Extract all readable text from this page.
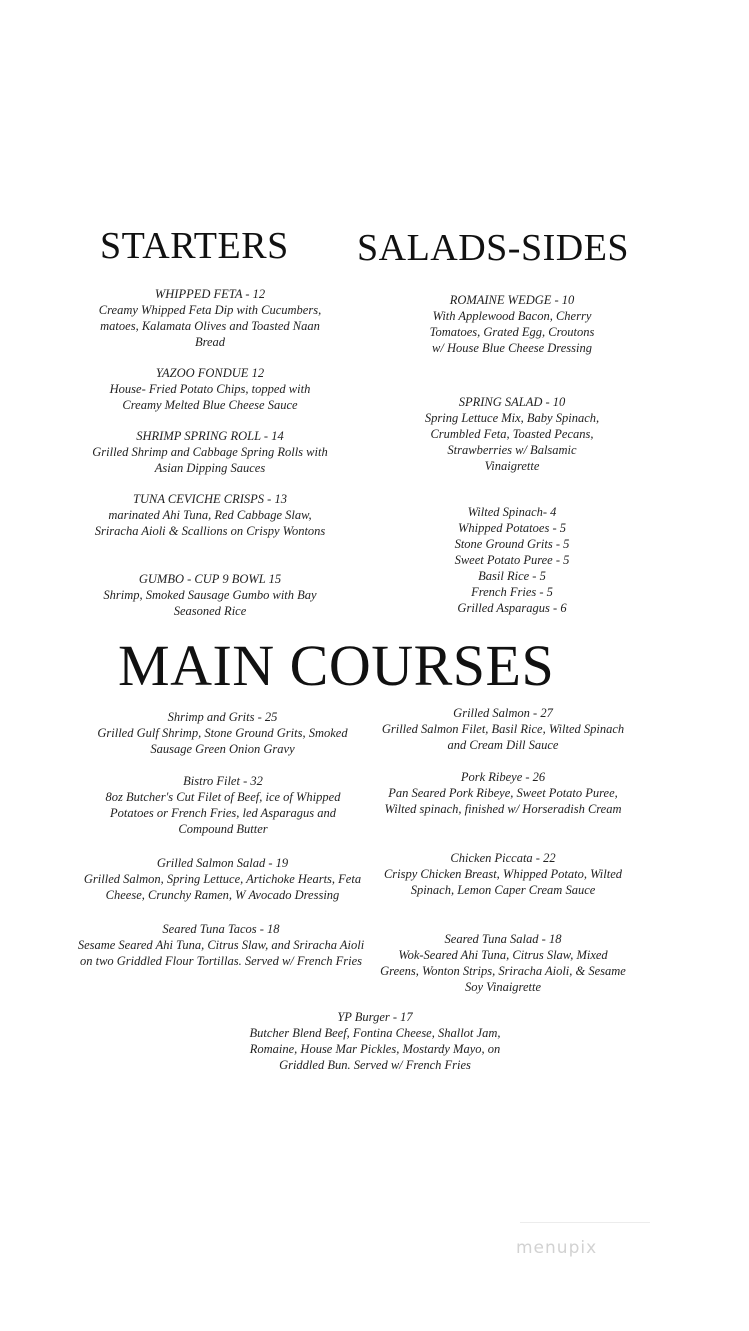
STARTERS SALADS-SIDES
MAIN COURSES
WHIPPED FETA - 12
Creamy Whipped Feta Dip with Cucumbers, matoes, Kalamata Olives and Toasted Naan Bread
YAZOO FONDUE 12
House- Fried Potato Chips, topped with Creamy Melted Blue Cheese Sauce
SHRIMP SPRING ROLL - 14
Grilled Shrimp and Cabbage Spring Rolls with Asian Dipping Sauces
TUNA CEVICHE CRISPS - 13
marinated Ahi Tuna, Red Cabbage Slaw, Sriracha Aioli & Scallions on Crispy Wontons
GUMBO - CUP 9 BOWL 15
Shrimp, Smoked Sausage Gumbo with Bay Seasoned Rice
ROMAINE WEDGE - 10
With Applewood Bacon, Cherry Tomatoes, Grated Egg, Croutons w/ House Blue Cheese Dressing
SPRING SALAD - 10
Spring Lettuce Mix, Baby Spinach, Crumbled Feta, Toasted Pecans, Strawberries w/ Balsamic Vinaigrette
Wilted Spinach- 4
Whipped Potatoes - 5
Stone Ground Grits - 5
Sweet Potato Puree - 5
Basil Rice - 5
French Fries - 5
Grilled Asparagus - 6
Shrimp and Grits - 25
Grilled Gulf Shrimp, Stone Ground Grits, Smoked Sausage Green Onion Gravy
Bistro Filet - 32
8oz Butcher's Cut Filet of Beef, ice of Whipped Potatoes or French Fries, led Asparagus and Compound Butter
Grilled Salmon Salad - 19
Grilled Salmon, Spring Lettuce, Artichoke Hearts, Feta Cheese, Crunchy Ramen, W Avocado Dressing
Seared Tuna Tacos - 18
Sesame Seared Ahi Tuna, Citrus Slaw, and Sriracha Aioli on two Griddled Flour Tortillas. Served w/ French Fries
Grilled Salmon - 27
Grilled Salmon Filet, Basil Rice, Wilted Spinach and Cream Dill Sauce
Pork Ribeye - 26
Pan Seared Pork Ribeye, Sweet Potato Puree, Wilted spinach, finished w/ Horseradish Cream
Chicken Piccata - 22
Crispy Chicken Breast, Whipped Potato, Wilted Spinach, Lemon Caper Cream Sauce
Seared Tuna Salad - 18
Wok-Seared Ahi Tuna, Citrus Slaw, Mixed Greens, Wonton Strips, Sriracha Aioli, & Sesame Soy Vinaigrette
YP Burger - 17
Butcher Blend Beef, Fontina Cheese, Shallot Jam, Romaine, House Mar Pickles, Mostardy Mayo, on Griddled Bun. Served w/ French Fries
menupix
